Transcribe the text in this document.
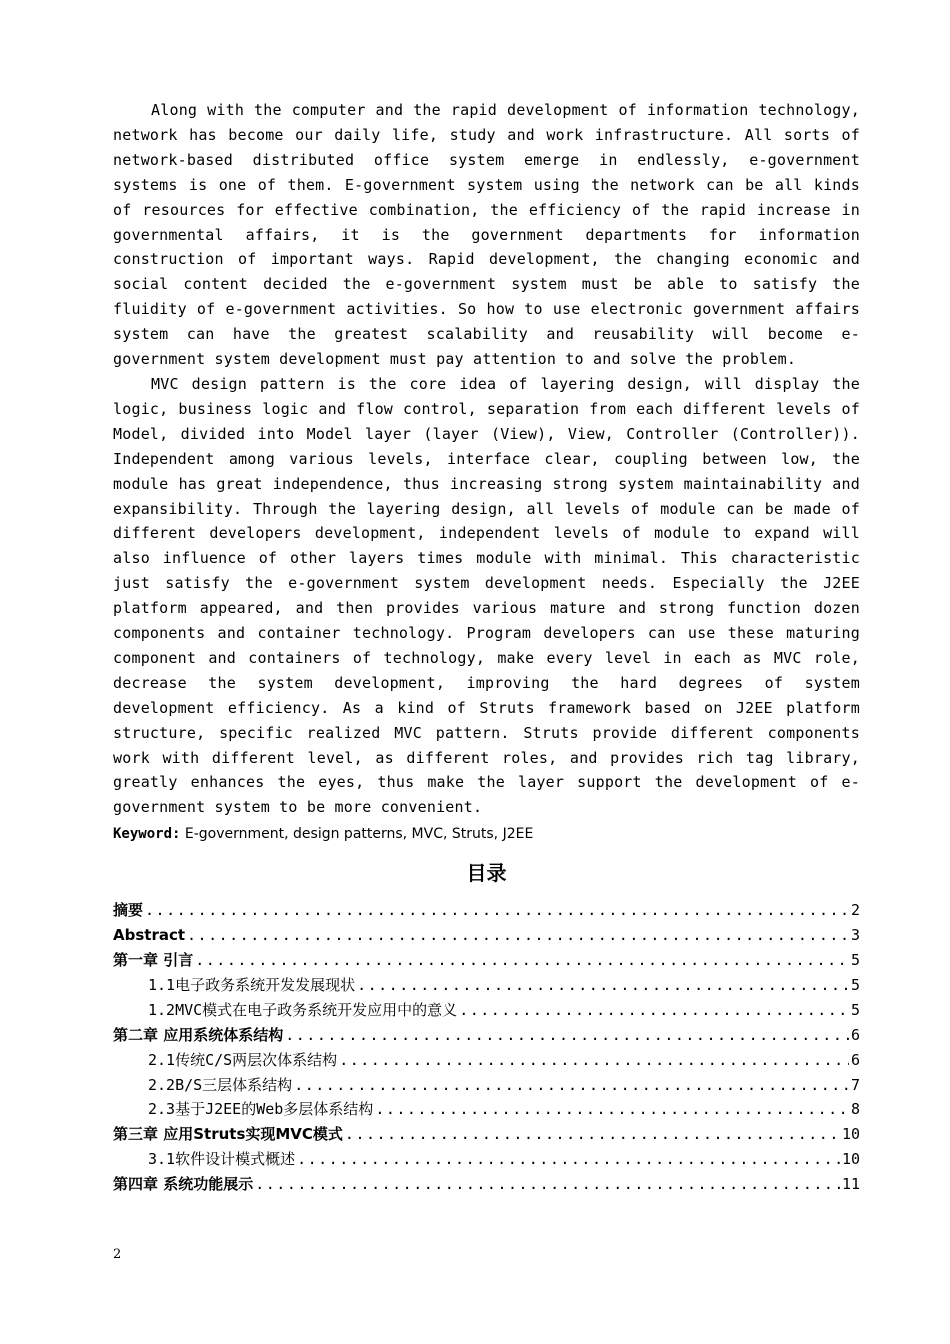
Along with the computer and the rapid development of information technology, network has become our daily life, study and work infrastructure. All sorts of network-based distributed office system emerge in endlessly, e-government systems is one of them. E-government system using the network can be all kinds of resources for effective combination, the efficiency of the rapid increase in governmental affairs, it is the government departments for information construction of important ways. Rapid development, the changing economic and social content decided the e-government system must be able to satisfy the fluidity of e-government activities. So how to use electronic government affairs system can have the greatest scalability and reusability will become e-government system development must pay attention to and solve the problem.

MVC design pattern is the core idea of layering design, will display the logic, business logic and flow control, separation from each different levels of Model, divided into Model layer (layer (View), View, Controller (Controller)). Independent among various levels, interface clear, coupling between low, the module has great independence, thus increasing strong system maintainability and expansibility. Through the layering design, all levels of module can be made of different developers development, independent levels of module to expand will also influence of other layers times module with minimal. This characteristic just satisfy the e-government system development needs. Especially the J2EE platform appeared, and then provides various mature and strong function dozen components and container technology. Program developers can use these maturing component and containers of technology, make every level in each as MVC role, decrease the system development, improving the hard degrees of system development efficiency. As a kind of Struts framework based on J2EE platform structure, specific realized MVC pattern. Struts provide different components work with different level, as different roles, and provides rich tag library, greatly enhances the eyes, thus make the layer support the development of e-government system to be more convenient.

Keyword: E-government, design patterns, MVC, Struts, J2EE

目录
摘要 .....	2
Abstract .....	3
第一章 引言 .....	5
1.1电子政务系统开发发展现状 .....	5
1.2MVC模式在电子政务系统开发应用中的意义 .....	5
第二章 应用系统体系结构 .....	6
2.1传统C/S两层次体系结构 .....	6
2.2B/S三层体系结构 .....	7
2.3基于J2EE的Web多层体系结构 .....	8
第三章 应用Struts实现MVC模式 .....	10
3.1软件设计模式概述 .....	10
第四章 系统功能展示 .....	11
2
